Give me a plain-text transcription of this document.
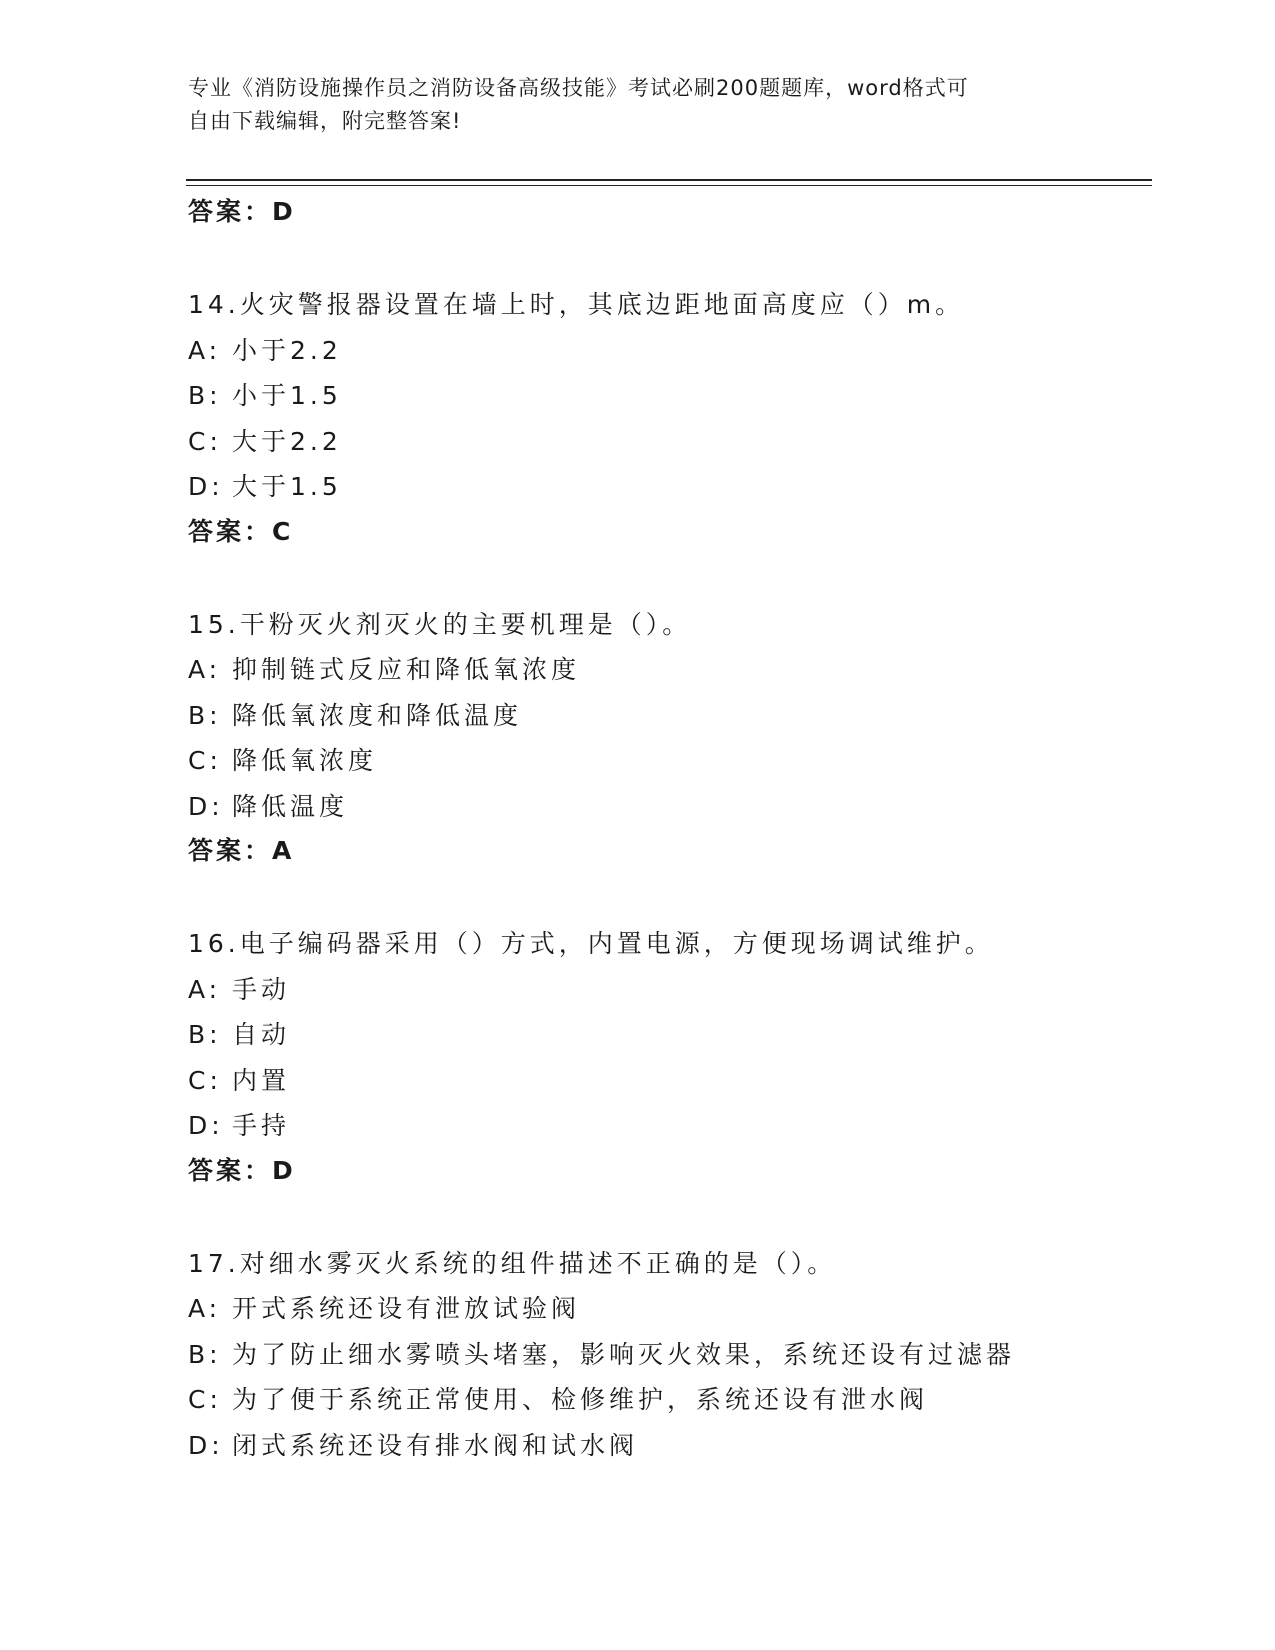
专业《消防设施操作员之消防设备高级技能》考试必刷200题题库，word格式可
自由下载编辑，附完整答案!
答案：D
14.火灾警报器设置在墙上时，其底边距地面高度应（）m。
A: 小于2.2
B: 小于1.5
C: 大于2.2
D: 大于1.5
答案：C
15.干粉灭火剂灭火的主要机理是（）。
A: 抑制链式反应和降低氧浓度
B: 降低氧浓度和降低温度
C: 降低氧浓度
D: 降低温度
答案：A
16.电子编码器采用（）方式，内置电源，方便现场调试维护。
A: 手动
B: 自动
C: 内置
D: 手持
答案：D
17.对细水雾灭火系统的组件描述不正确的是（）。
A: 开式系统还设有泄放试验阀
B: 为了防止细水雾喷头堵塞，影响灭火效果，系统还设有过滤器
C: 为了便于系统正常使用、检修维护，系统还设有泄水阀
D: 闭式系统还设有排水阀和试水阀
